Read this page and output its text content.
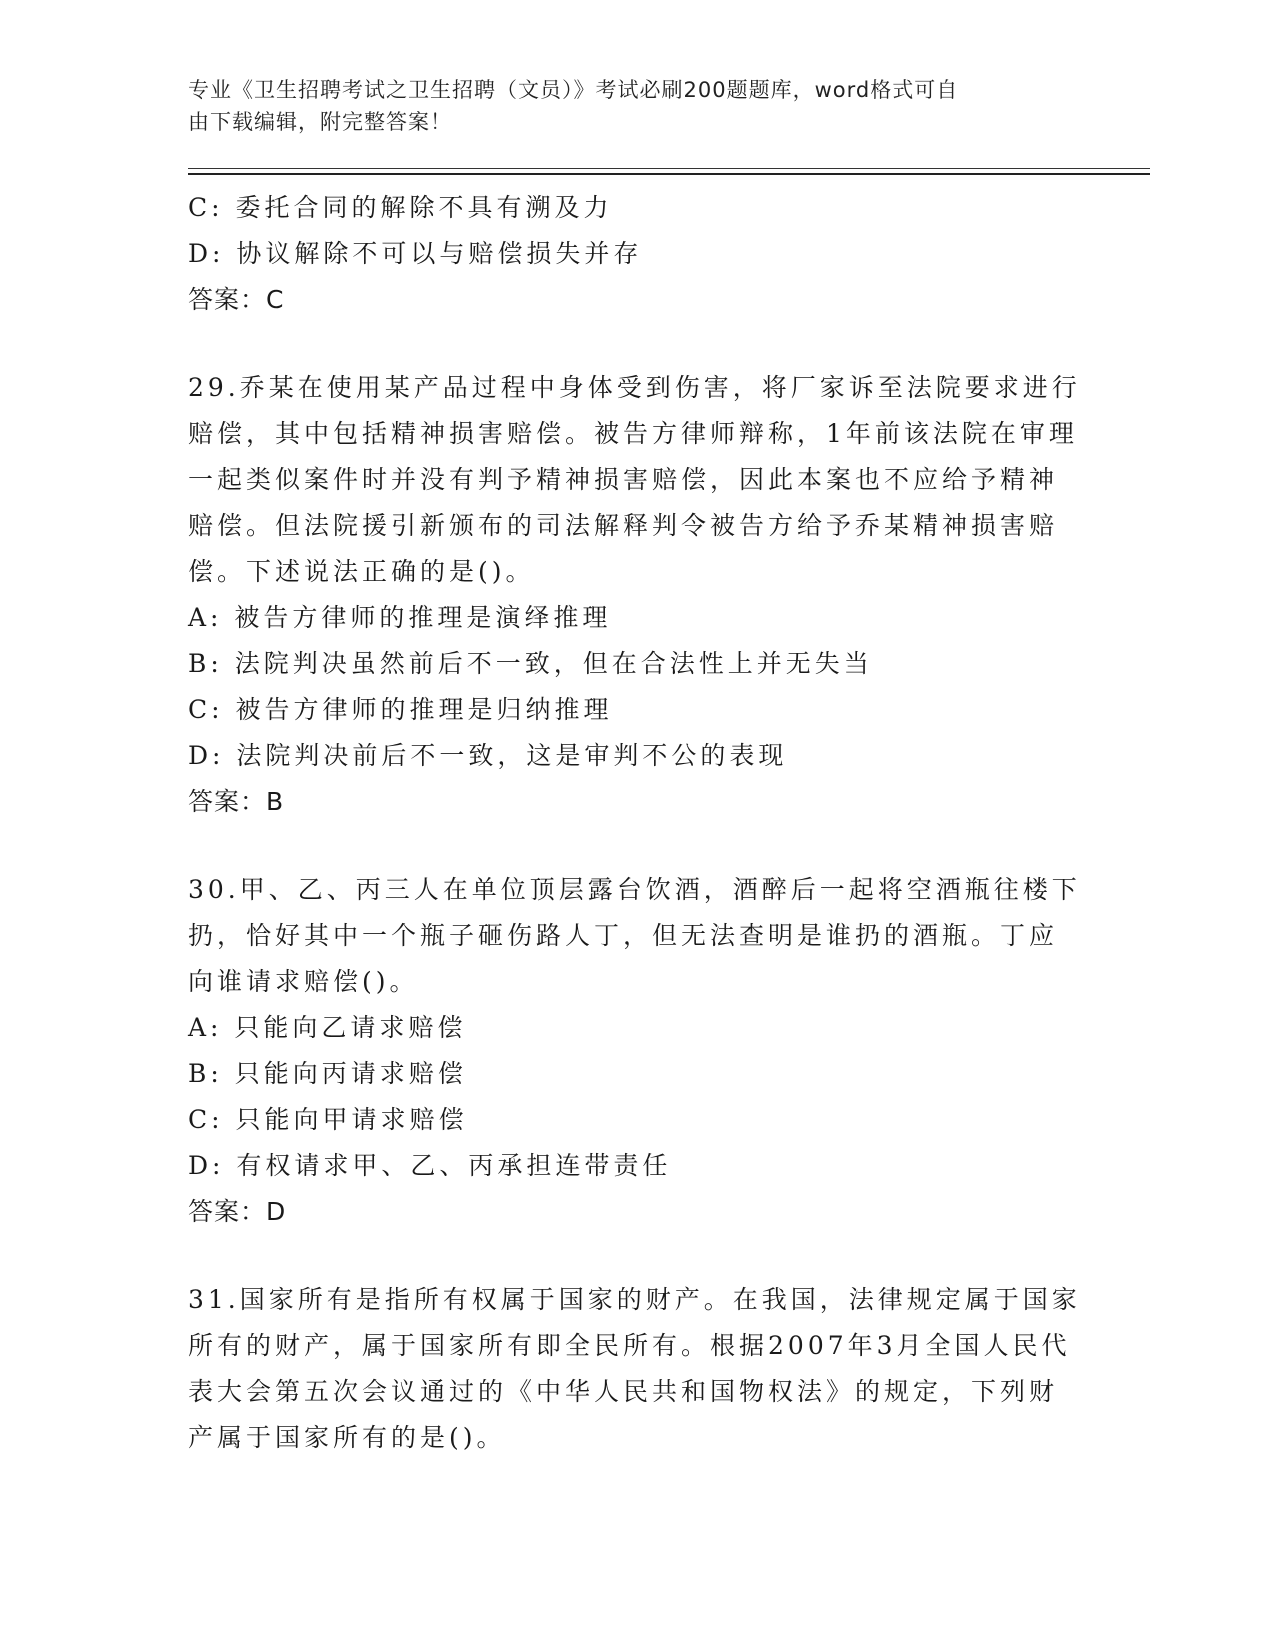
专业《卫生招聘考试之卫生招聘（文员）》考试必刷200题题库，word格式可自
由下载编辑，附完整答案！
C: 委托合同的解除不具有溯及力
D: 协议解除不可以与赔偿损失并存
答案：C
29.乔某在使用某产品过程中身体受到伤害，将厂家诉至法院要求进行
赔偿，其中包括精神损害赔偿。被告方律师辩称，1年前该法院在审理
一起类似案件时并没有判予精神损害赔偿，因此本案也不应给予精神
赔偿。但法院援引新颁布的司法解释判令被告方给予乔某精神损害赔
偿。下述说法正确的是()。
A: 被告方律师的推理是演绎推理
B: 法院判决虽然前后不一致，但在合法性上并无失当
C: 被告方律师的推理是归纳推理
D: 法院判决前后不一致，这是审判不公的表现
答案：B
30.甲、乙、丙三人在单位顶层露台饮酒，酒醉后一起将空酒瓶往楼下
扔，恰好其中一个瓶子砸伤路人丁，但无法查明是谁扔的酒瓶。丁应
向谁请求赔偿()。
A: 只能向乙请求赔偿
B: 只能向丙请求赔偿
C: 只能向甲请求赔偿
D: 有权请求甲、乙、丙承担连带责任
答案：D
31.国家所有是指所有权属于国家的财产。在我国，法律规定属于国家
所有的财产，属于国家所有即全民所有。根据2007年3月全国人民代
表大会第五次会议通过的《中华人民共和国物权法》的规定，下列财
产属于国家所有的是()。
